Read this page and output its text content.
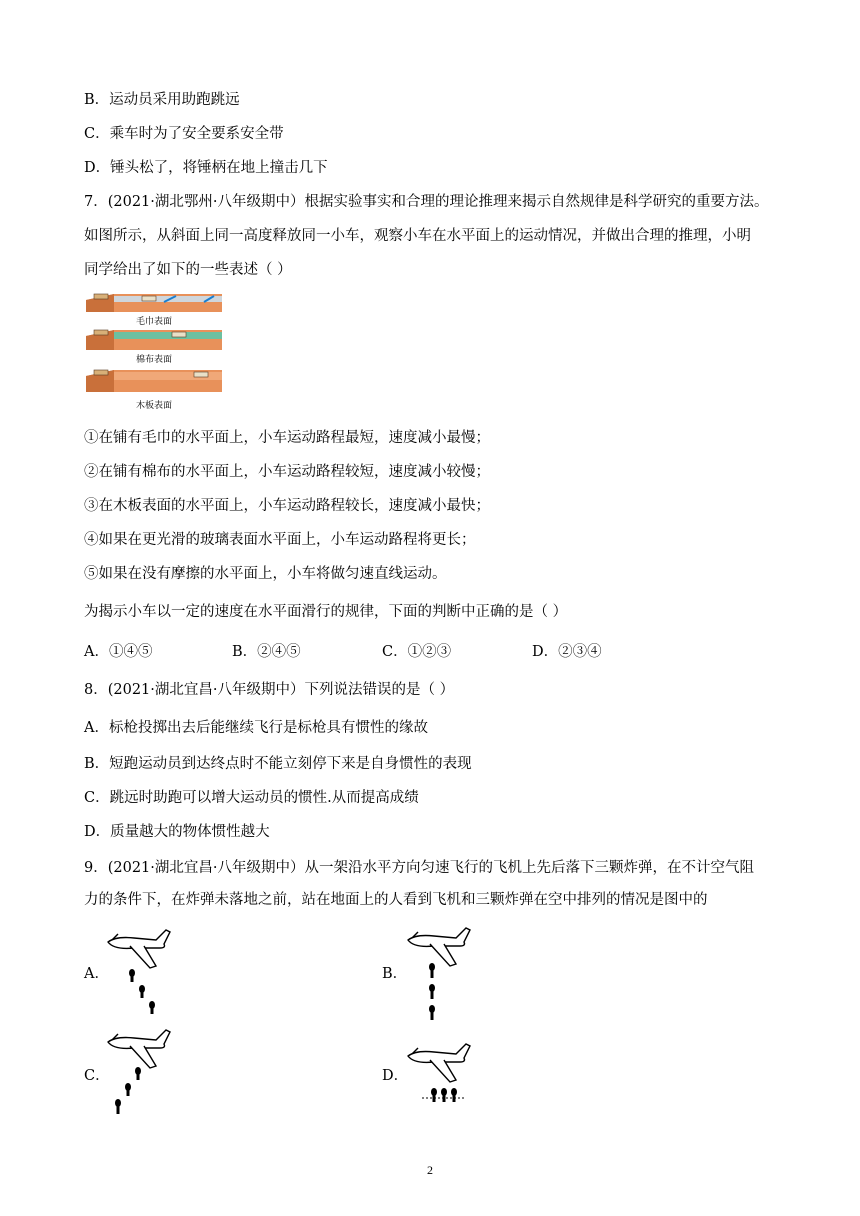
B．运动员采用助跑跳远
C．乘车时为了安全要系安全带
D．锤头松了，将锤柄在地上撞击几下
7．(2021·湖北鄂州·八年级期中）根据实验事实和合理的理论推理来揭示自然规律是科学研究的重要方法。
如图所示，从斜面上同一高度释放同一小车，观察小车在水平面上的运动情况，并做出合理的推理，小明
同学给出了如下的一些表述（ ）
毛巾表面
棉布表面
木板表面
①在铺有毛巾的水平面上，小车运动路程最短，速度减小最慢；
②在铺有棉布的水平面上，小车运动路程较短，速度减小较慢；
③在木板表面的水平面上，小车运动路程较长，速度减小最快；
④如果在更光滑的玻璃表面水平面上，小车运动路程将更长；
⑤如果在没有摩擦的水平面上，小车将做匀速直线运动。
为揭示小车以一定的速度在水平面滑行的规律，下面的判断中正确的是（ ）
A．①④⑤	B．②④⑤	C．①②③	D．②③④
8．(2021·湖北宜昌·八年级期中）下列说法错误的是（ ）
A．标枪投掷出去后能继续飞行是标枪具有惯性的缘故
B．短跑运动员到达终点时不能立刻停下来是自身惯性的表现
C．跳远时助跑可以增大运动员的惯性.从而提高成绩
D．质量越大的物体惯性越大
9．(2021·湖北宜昌·八年级期中）从一架沿水平方向匀速飞行的飞机上先后落下三颗炸弹，在不计空气阻
力的条件下，在炸弹未落地之前，站在地面上的人看到飞机和三颗炸弹在空中排列的情况是图中的
A．	B．
C．	D．
2
